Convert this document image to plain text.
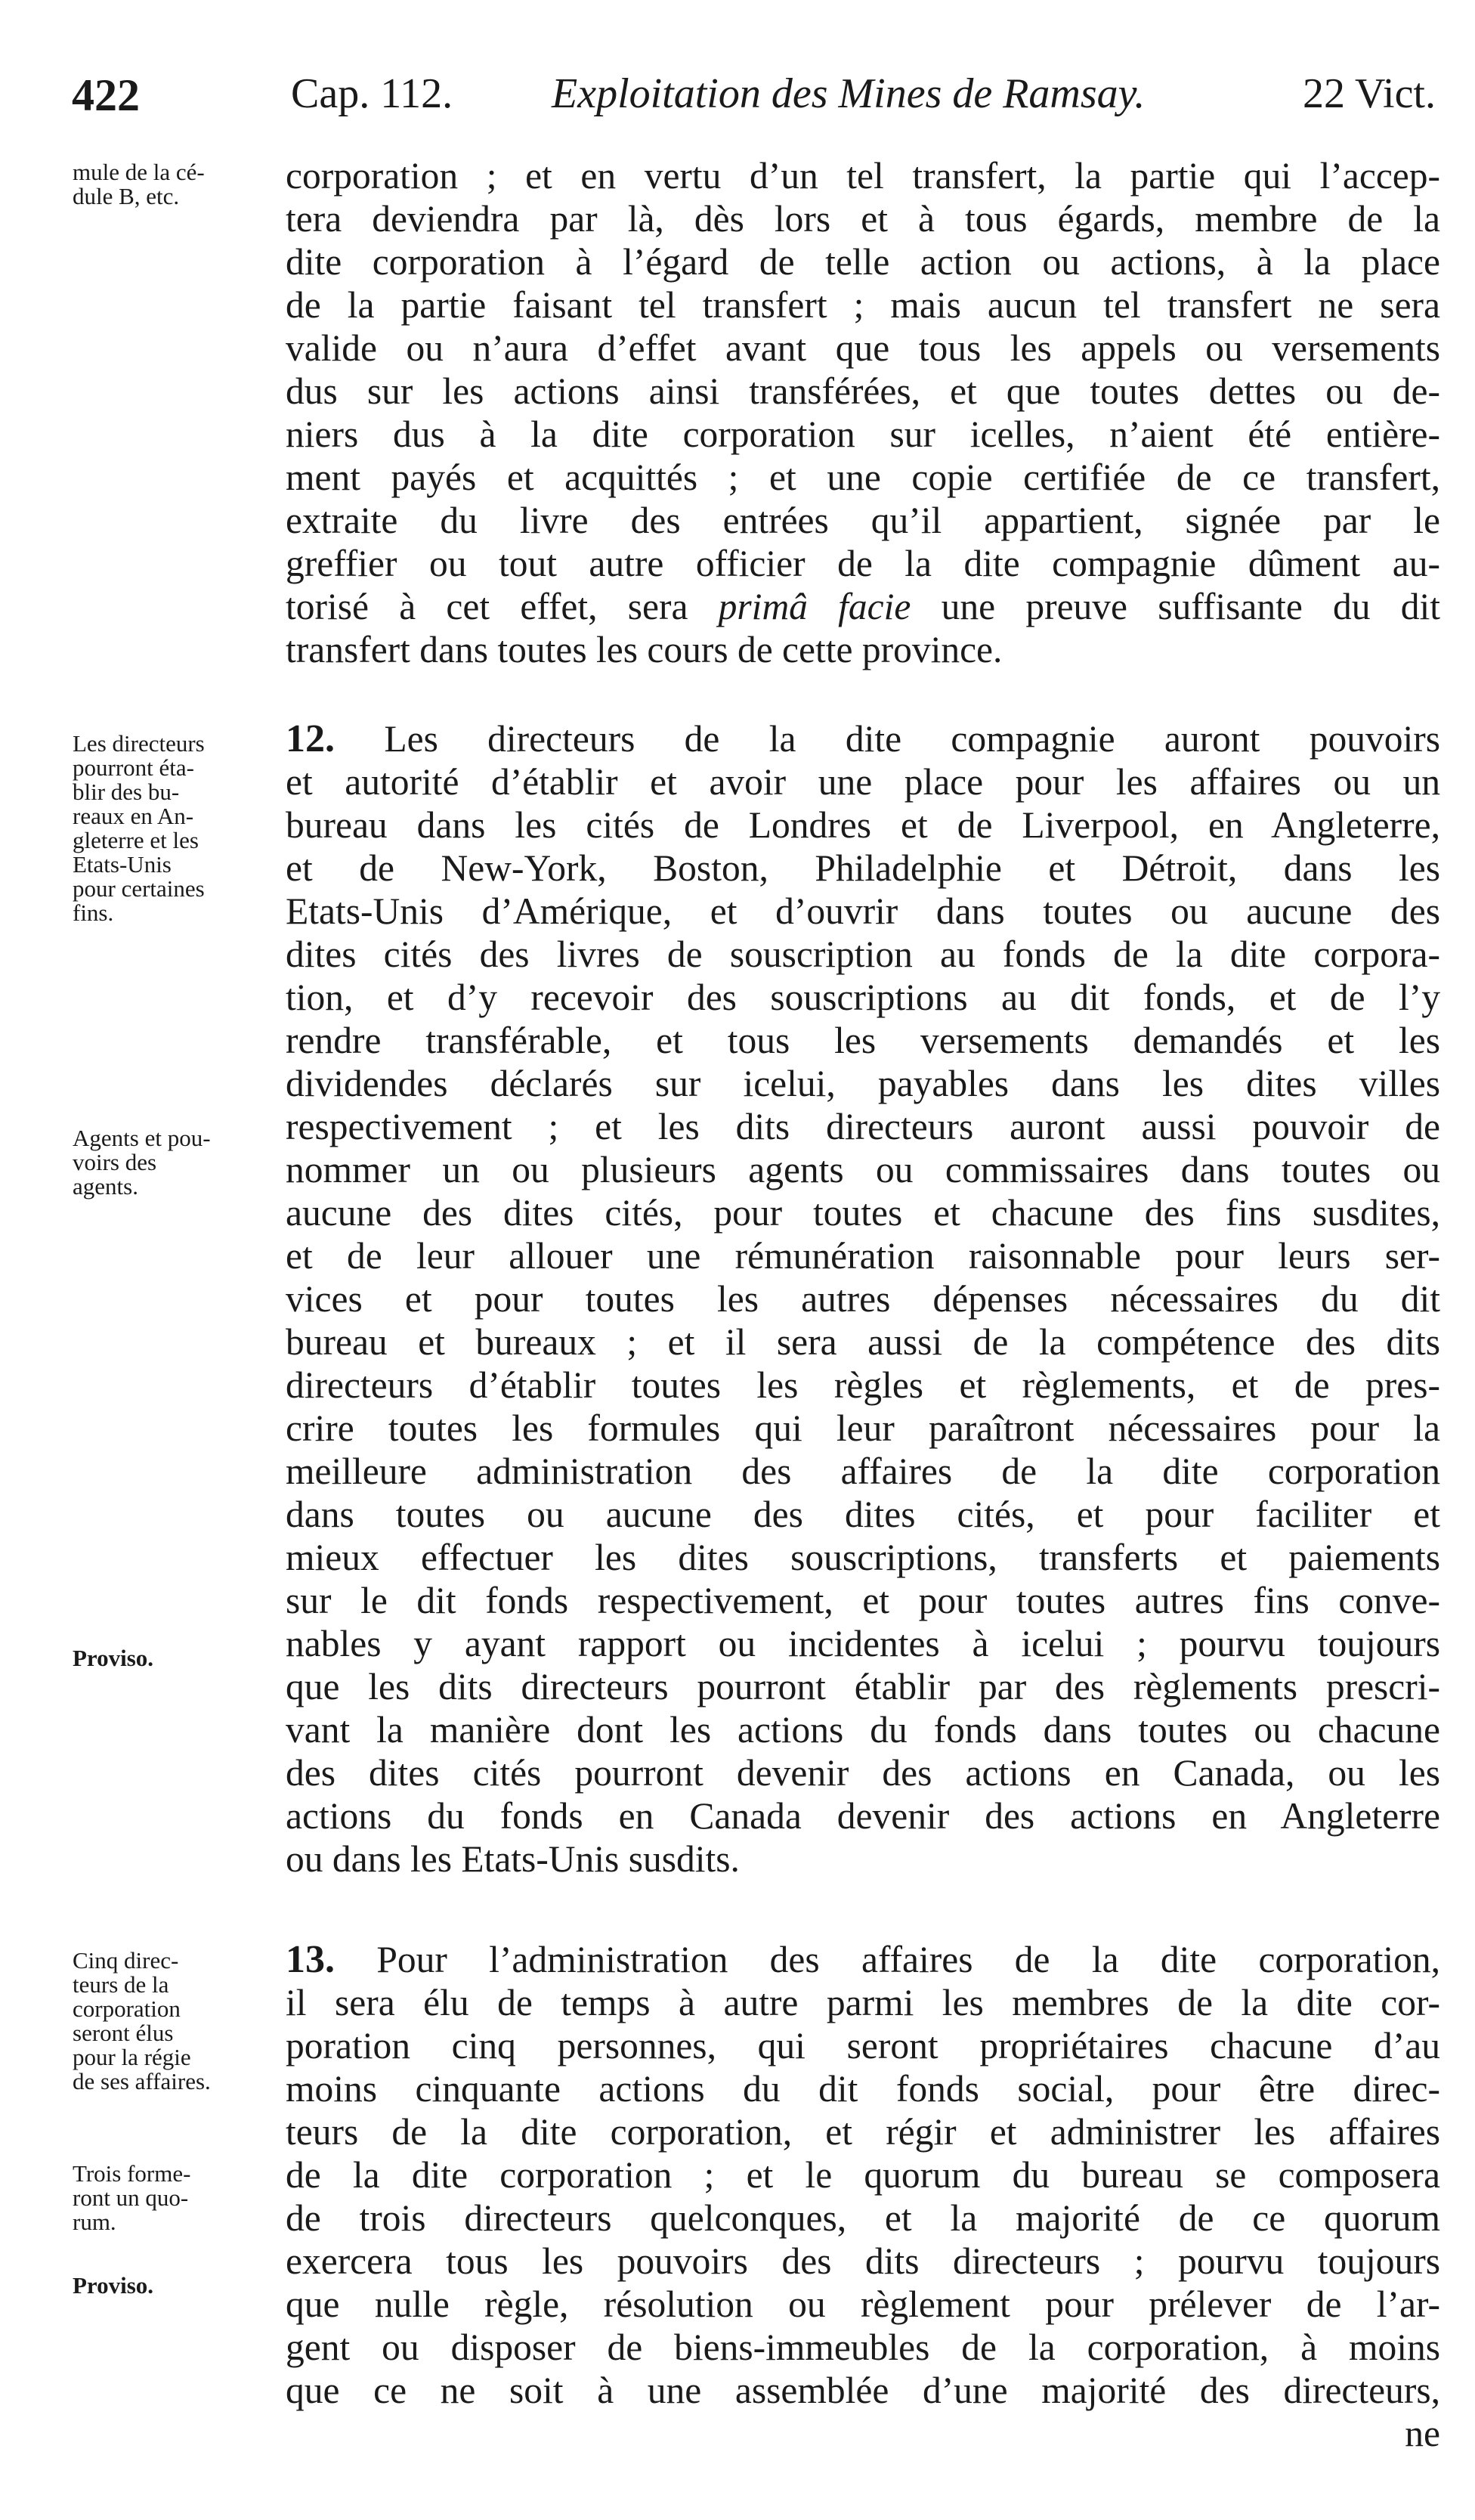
422	Cap. 112. Exploitation des Mines de Ramsay.	22 Vict.
mule de la cé-
dule B, etc.
Les directeurs
pourront éta-
blir des bu-
reaux en An-
gleterre et les
Etats-Unis
pour certaines
fins.
Agents et pou-
voirs des
agents.
Proviso.
Cinq direc-
teurs de la
corporation
seront élus
pour la régie
de ses affaires.
Trois forme-
ront un quo-
rum.
Proviso.
corporation ; et en vertu d’un tel transfert, la partie qui l’accep-
tera deviendra par là, dès lors et à tous égards, membre de la
dite corporation à l’égard de telle action ou actions, à la place
de la partie faisant tel transfert ; mais aucun tel transfert ne sera
valide ou n’aura d’effet avant que tous les appels ou versements
dus sur les actions ainsi transférées, et que toutes dettes ou de-
niers dus à la dite corporation sur icelles, n’aient été entière-
ment payés et acquittés ; et une copie certifiée de ce transfert,
extraite du livre des entrées qu’il appartient, signée par le
greffier ou tout autre officier de la dite compagnie dûment au-
torisé à cet effet, sera primâ facie une preuve suffisante du dit
transfert dans toutes les cours de cette province.
12. Les directeurs de la dite compagnie auront pouvoirs
et autorité d’établir et avoir une place pour les affaires ou un
bureau dans les cités de Londres et de Liverpool, en Angleterre,
et de New-York, Boston, Philadelphie et Détroit, dans les
Etats-Unis d’Amérique, et d’ouvrir dans toutes ou aucune des
dites cités des livres de souscription au fonds de la dite corpora-
tion, et d’y recevoir des souscriptions au dit fonds, et de l’y
rendre transférable, et tous les versements demandés et les
dividendes déclarés sur icelui, payables dans les dites villes
respectivement ; et les dits directeurs auront aussi pouvoir de
nommer un ou plusieurs agents ou commissaires dans toutes ou
aucune des dites cités, pour toutes et chacune des fins susdites,
et de leur allouer une rémunération raisonnable pour leurs ser-
vices et pour toutes les autres dépenses nécessaires du dit
bureau et bureaux ; et il sera aussi de la compétence des dits
directeurs d’établir toutes les règles et règlements, et de pres-
crire toutes les formules qui leur paraîtront nécessaires pour la
meilleure administration des affaires de la dite corporation
dans toutes ou aucune des dites cités, et pour faciliter et
mieux effectuer les dites souscriptions, transferts et paiements
sur le dit fonds respectivement, et pour toutes autres fins conve-
nables y ayant rapport ou incidentes à icelui ; pourvu toujours
que les dits directeurs pourront établir par des règlements prescri-
vant la manière dont les actions du fonds dans toutes ou chacune
des dites cités pourront devenir des actions en Canada, ou les
actions du fonds en Canada devenir des actions en Angleterre
ou dans les Etats-Unis susdits.
13. Pour l’administration des affaires de la dite corporation,
il sera élu de temps à autre parmi les membres de la dite cor-
poration cinq personnes, qui seront propriétaires chacune d’au
moins cinquante actions du dit fonds social, pour être direc-
teurs de la dite corporation, et régir et administrer les affaires
de la dite corporation ; et le quorum du bureau se composera
de trois directeurs quelconques, et la majorité de ce quorum
exercera tous les pouvoirs des dits directeurs ; pourvu toujours
que nulle règle, résolution ou règlement pour prélever de l’ar-
gent ou disposer de biens-immeubles de la corporation, à moins
que ce ne soit à une assemblée d’une majorité des directeurs,
ne
